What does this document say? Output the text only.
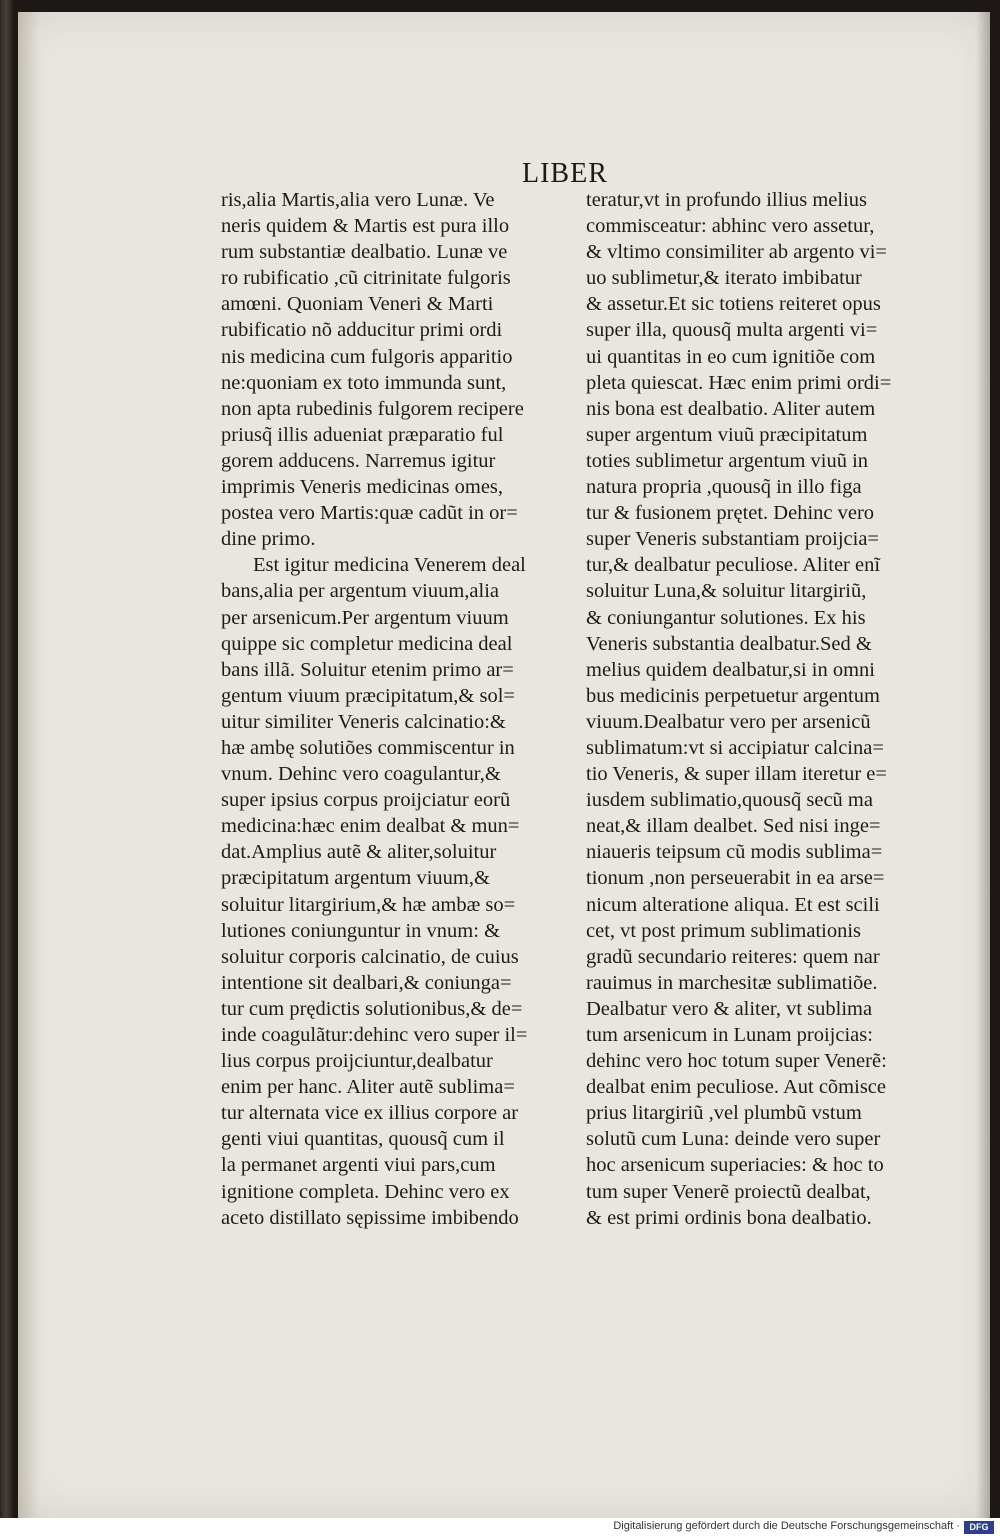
LIBER
ris,alia Martis,alia vero Lunæ. Ve
neris quidem & Martis est pura illo
rum substantiæ dealbatio. Lunæ ve
ro rubificatio ,cũ citrinitate fulgoris
amœni. Quoniam Veneri & Marti
rubificatio nõ adducitur primi ordi
nis medicina cum fulgoris apparitio
ne:quoniam ex toto immunda sunt,
non apta rubedinis fulgorem recipere
priusq̃ illis adueniat præparatio ful
gorem adducens. Narremus igitur
imprimis Veneris medicinas omes,
postea vero Martis:quæ cadũt in or=
dine primo.
Est igitur medicina Venerem deal
bans,alia per argentum viuum,alia
per arsenicum.Per argentum viuum
quippe sic completur medicina deal
bans illã. Soluitur etenim primo ar=
gentum viuum præcipitatum,& sol=
uitur similiter Veneris calcinatio:&
hæ ambę solutiões commiscentur in
vnum. Dehinc vero coagulantur,&
super ipsius corpus proijciatur eorũ
medicina:hæc enim dealbat & mun=
dat.Amplius autẽ & aliter,soluitur
præcipitatum argentum viuum,&
soluitur litargirium,& hæ ambæ so=
lutiones coniunguntur in vnum: &
soluitur corporis calcinatio, de cuius
intentione sit dealbari,& coniunga=
tur cum prędictis solutionibus,& de=
inde coagulãtur:dehinc vero super il=
lius corpus proijciuntur,dealbatur
enim per hanc. Aliter autẽ sublima=
tur alternata vice ex illius corpore ar
genti viui quantitas, quousq̃ cum il
la permanet argenti viui pars,cum
ignitione completa. Dehinc vero ex
aceto distillato sępissime imbibendo
teratur,vt in profundo illius melius
commisceatur: abhinc vero assetur,
& vltimo consimiliter ab argento vi=
uo sublimetur,& iterato imbibatur
& assetur.Et sic totiens reiteret opus
super illa, quousq̃ multa argenti vi=
ui quantitas in eo cum ignitiõe com
pleta quiescat. Hæc enim primi ordi=
nis bona est dealbatio. Aliter autem
super argentum viuũ præcipitatum
toties sublimetur argentum viuũ in
natura propria ,quousq̃ in illo figa
tur & fusionem prętet. Dehinc vero
super Veneris substantiam proijcia=
tur,& dealbatur peculiose. Aliter enĩ
soluitur Luna,& soluitur litargiriũ,
& coniungantur solutiones. Ex his
Veneris substantia dealbatur.Sed &
melius quidem dealbatur,si in omni
bus medicinis perpetuetur argentum
viuum.Dealbatur vero per arsenicũ
sublimatum:vt si accipiatur calcina=
tio Veneris, & super illam iteretur e=
iusdem sublimatio,quousq̃ secũ ma
neat,& illam dealbet. Sed nisi inge=
niaueris teipsum cũ modis sublima=
tionum ,non perseuerabit in ea arse=
nicum alteratione aliqua. Et est scili
cet, vt post primum sublimationis
gradũ secundario reiteres: quem nar
rauimus in marchesitæ sublimatiõe.
Dealbatur vero & aliter, vt sublima
tum arsenicum in Lunam proijcias:
dehinc vero hoc totum super Venerẽ:
dealbat enim peculiose. Aut cõmisce
prius litargiriũ ,vel plumbũ vstum
solutũ cum Luna: deinde vero super
hoc arsenicum superiacies: & hoc to
tum super Venerẽ proiectũ dealbat,
& est primi ordinis bona dealbatio.
Digitalisierung gefördert durch die Deutsche Forschungsgemeinschaft ·	DFG
